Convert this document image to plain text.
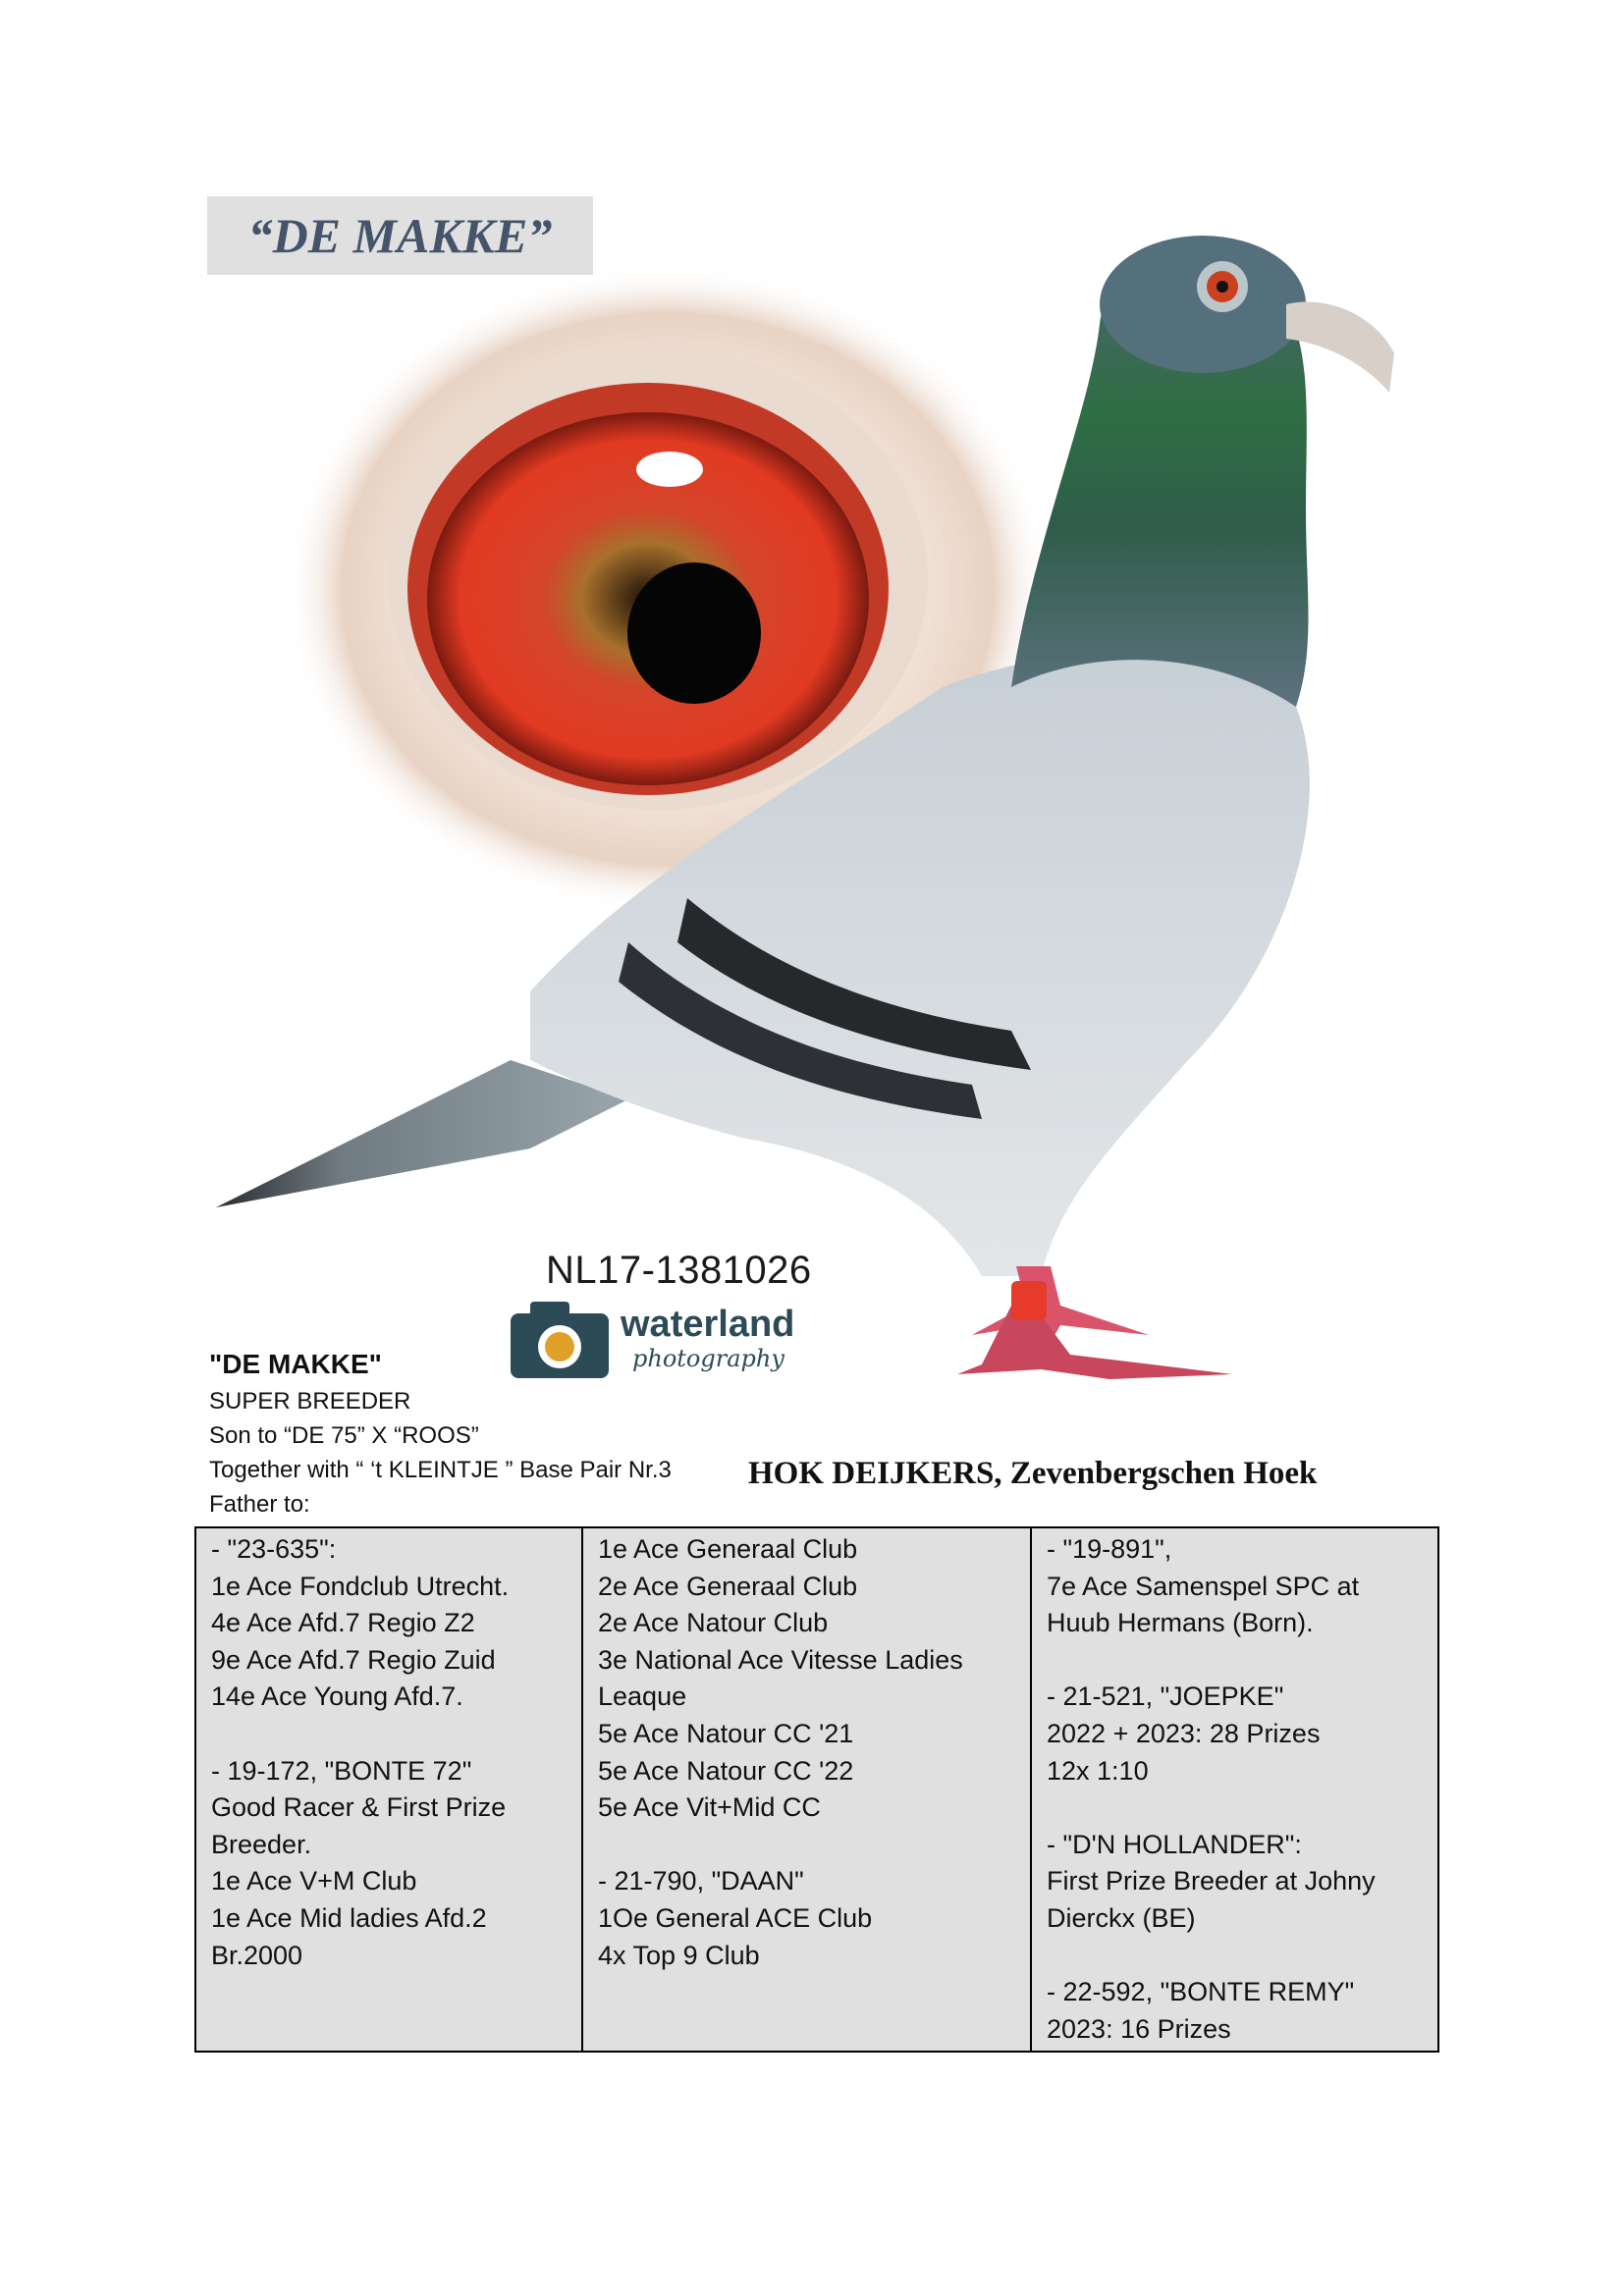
“DE MAKKE”
NL17-1381026
waterland
photography
"DE MAKKE"
SUPER BREEDER
Son to “DE 75” X “ROOS”
Together with “ ‘t KLEINTJE ” Base Pair Nr.3
Father to:
HOK DEIJKERS, Zevenbergschen Hoek
- "23-635":
1e Ace Fondclub Utrecht.
4e Ace Afd.7 Regio Z2
9e Ace Afd.7 Regio Zuid
14e Ace Young Afd.7.
- 19-172, "BONTE 72"
Good Racer & First Prize
Breeder.
1e Ace V+M Club
1e Ace Mid ladies Afd.2
Br.2000

1e Ace Generaal Club
2e Ace Generaal Club
2e Ace Natour Club
3e National Ace Vitesse Ladies
Leaque
5e Ace Natour CC '21
5e Ace Natour CC '22
5e Ace Vit+Mid CC
- 21-790, "DAAN"
1Oe General ACE Club
4x Top 9 Club

- "19-891",
7e Ace Samenspel SPC at
Huub Hermans (Born).
- 21-521, "JOEPKE"
2022 + 2023: 28 Prizes
12x 1:10
- "D'N HOLLANDER":
First Prize Breeder at Johny
Dierckx (BE)
- 22-592, "BONTE REMY"
2023: 16 Prizes
